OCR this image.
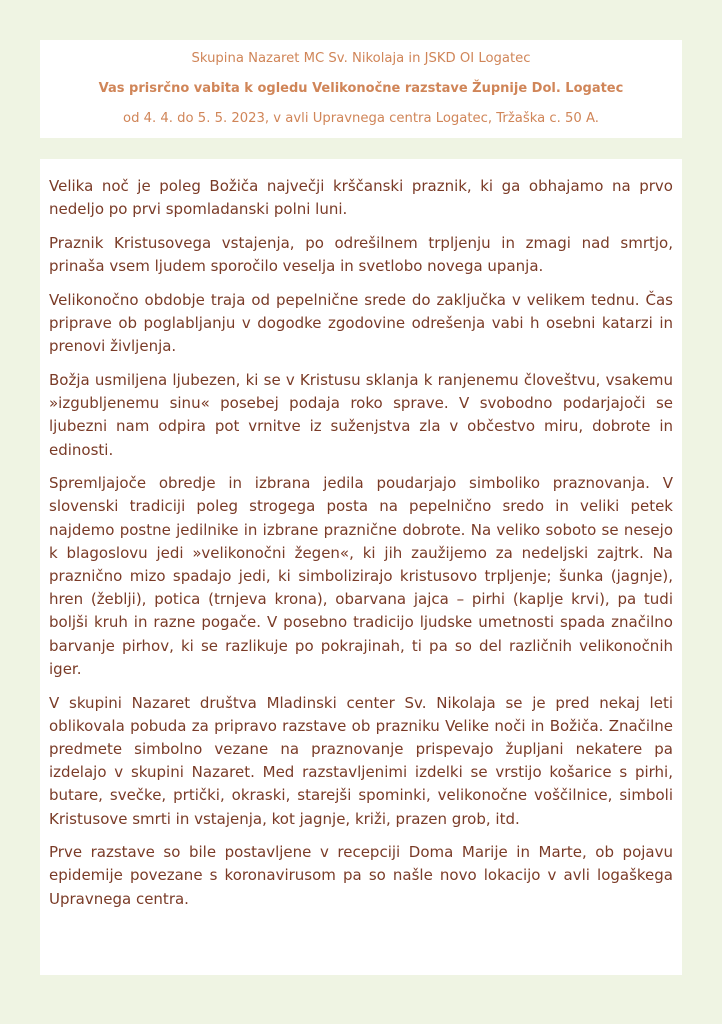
Skupina Nazaret MC Sv. Nikolaja in JSKD OI Logatec
Vas prisrčno vabita k ogledu Velikonočne razstave Župnije Dol. Logatec
od 4. 4. do 5. 5. 2023, v avli Upravnega centra Logatec, Tržaška c. 50 A.

Velika noč je poleg Božiča največji krščanski praznik, ki ga obhajamo na prvo nedeljo po prvi spomladanski polni luni.

Praznik Kristusovega vstajenja, po odrešilnem trpljenju in zmagi nad smrtjo, prinaša vsem ljudem sporočilo veselja in svetlobo novega upanja.

Velikonočno obdobje traja od pepelnične srede do zaključka v velikem tednu. Čas priprave ob poglabljanju v dogodke zgodovine odrešenja vabi h osebni katarzi in prenovi življenja.

Božja usmiljena ljubezen, ki se v Kristusu sklanja k ranjenemu človeštvu, vsakemu »izgubljenemu sinu« posebej podaja roko sprave. V svobodno podarjajoči se ljubezni nam odpira pot vrnitve iz suženjstva zla v občestvo miru, dobrote in edinosti.

Spremljajoče obredje in izbrana jedila poudarjajo simboliko praznovanja. V slovenski tradiciji poleg strogega posta na pepelnično sredo in veliki petek najdemo postne jedilnike in izbrane praznične dobrote. Na veliko soboto se nesejo k blagoslovu jedi »velikonočni žegen«, ki jih zaužijemo za nedeljski zajtrk. Na praznično mizo spadajo jedi, ki simbolizirajo kristusovo trpljenje; šunka (jagnje), hren (žeblji), potica (trnjeva krona), obarvana jajca – pirhi (kaplje krvi), pa tudi boljši kruh in razne pogače. V posebno tradicijo ljudske umetnosti spada značilno barvanje pirhov, ki se razlikuje po pokrajinah, ti pa so del različnih velikonočnih iger.

V skupini Nazaret društva Mladinski center Sv. Nikolaja se je pred nekaj leti oblikovala pobuda za pripravo razstave ob prazniku Velike noči in Božiča. Značilne predmete simbolno vezane na praznovanje prispevajo župljani nekatere pa izdelajo v skupini Nazaret. Med razstavljenimi izdelki se vrstijo košarice s pirhi, butare, svečke, prtički, okraski, starejši spominki, velikonočne voščilnice, simboli Kristusove smrti in vstajenja, kot jagnje, križi, prazen grob, itd.

Prve razstave so bile postavljene v recepciji Doma Marije in Marte, ob pojavu epidemije povezane s koronavirusom pa so našle novo lokacijo v avli logaškega Upravnega centra.
